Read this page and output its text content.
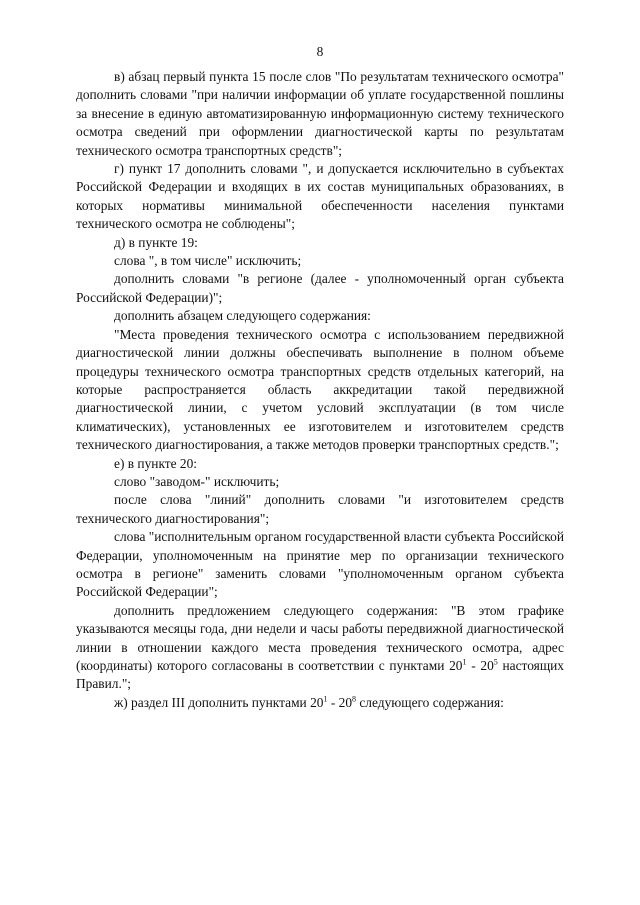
8

в) абзац первый пункта 15 после слов "По результатам технического осмотра" дополнить словами "при наличии информации об уплате государственной пошлины за внесение в единую автоматизированную информационную систему технического осмотра сведений при оформлении диагностической карты по результатам технического осмотра транспортных средств";

г) пункт 17 дополнить словами ", и допускается исключительно в субъектах Российской Федерации и входящих в их состав муниципальных образованиях, в которых нормативы минимальной обеспеченности населения пунктами технического осмотра не соблюдены";

д) в пункте 19:

слова ", в том числе" исключить;

дополнить словами "в регионе (далее - уполномоченный орган субъекта Российской Федерации)";

дополнить абзацем следующего содержания:

"Места проведения технического осмотра с использованием передвижной диагностической линии должны обеспечивать выполнение в полном объеме процедуры технического осмотра транспортных средств отдельных категорий, на которые распространяется область аккредитации такой передвижной диагностической линии, с учетом условий эксплуатации (в том числе климатических), установленных ее изготовителем и изготовителем средств технического диагностирования, а также методов проверки транспортных средств.";

е) в пункте 20:

слово "заводом-" исключить;

после слова "линий" дополнить словами "и изготовителем средств технического диагностирования";

слова "исполнительным органом государственной власти субъекта Российской Федерации, уполномоченным на принятие мер по организации технического осмотра в регионе" заменить словами "уполномоченным органом субъекта Российской Федерации";

дополнить предложением следующего содержания: "В этом графике указываются месяцы года, дни недели и часы работы передвижной диагностической линии в отношении каждого места проведения технического осмотра, адрес (координаты) которого согласованы в соответствии с пунктами $20^1 - 20^5$ настоящих Правил.";

ж) раздел III дополнить пунктами $20^1 - 20^8$ следующего содержания:
